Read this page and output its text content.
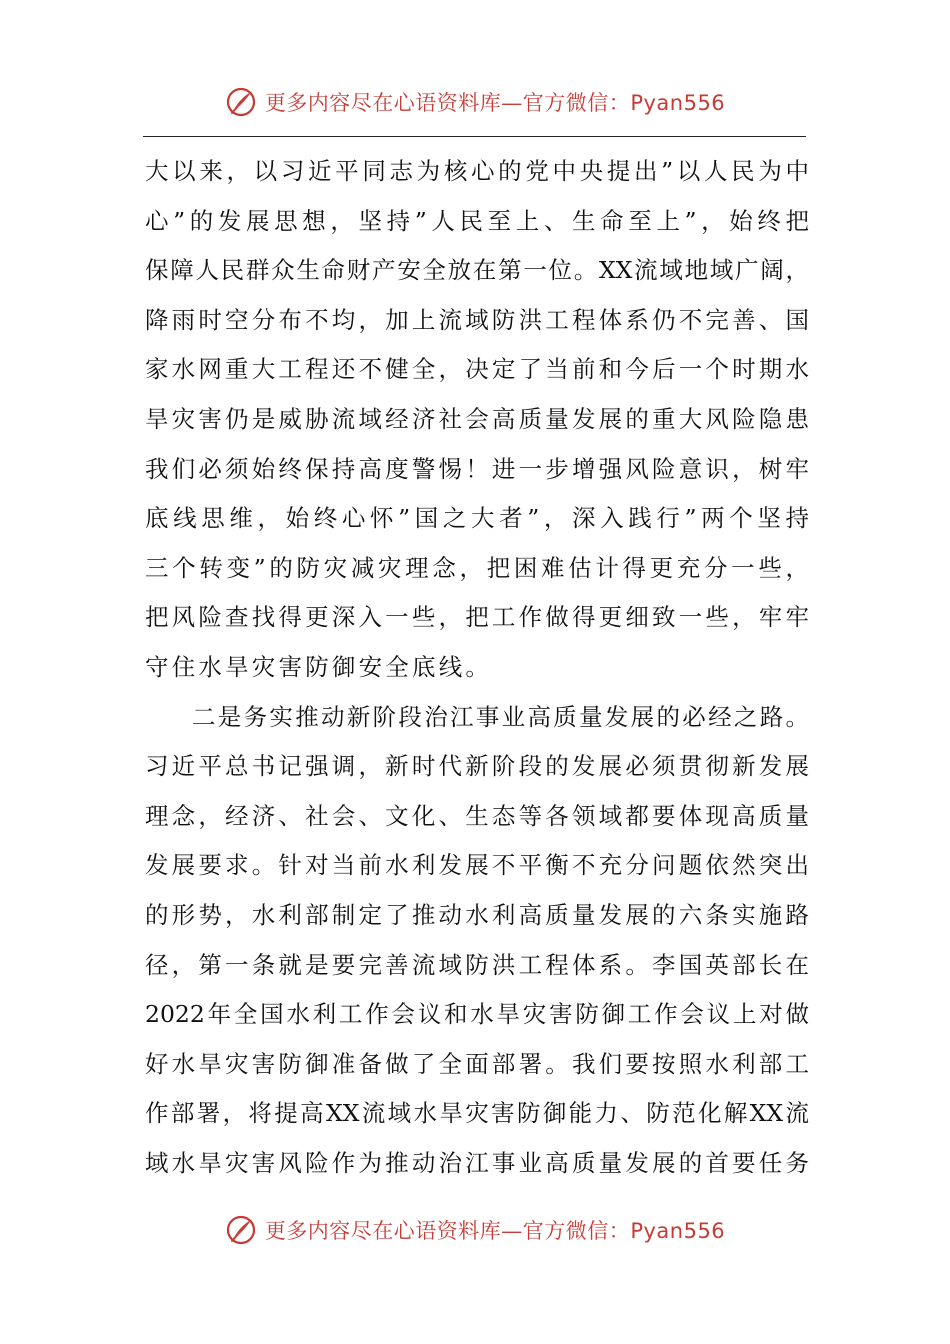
更多内容尽在心语资料库—官方微信：Pyan556
大以来，以习近平同志为核心的党中央提出”以人民为中
心”的发展思想，坚持”人民至上、生命至上”，始终把
保障人民群众生命财产安全放在第一位。XX流域地域广阔，
降雨时空分布不均，加上流域防洪工程体系仍不完善、国
家水网重大工程还不健全，决定了当前和今后一个时期水
旱灾害仍是威胁流域经济社会高质量发展的重大风险隐患
我们必须始终保持高度警惕！进一步增强风险意识，树牢
底线思维，始终心怀”国之大者”，深入践行”两个坚持
三个转变”的防灾减灾理念，把困难估计得更充分一些，
把风险查找得更深入一些，把工作做得更细致一些，牢牢
守住水旱灾害防御安全底线。
二是务实推动新阶段治江事业高质量发展的必经之路。
习近平总书记强调，新时代新阶段的发展必须贯彻新发展
理念，经济、社会、文化、生态等各领域都要体现高质量
发展要求。针对当前水利发展不平衡不充分问题依然突出
的形势，水利部制定了推动水利高质量发展的六条实施路
径，第一条就是要完善流域防洪工程体系。李国英部长在
2022年全国水利工作会议和水旱灾害防御工作会议上对做
好水旱灾害防御准备做了全面部署。我们要按照水利部工
作部署，将提高XX流域水旱灾害防御能力、防范化解XX流
域水旱灾害风险作为推动治江事业高质量发展的首要任务
更多内容尽在心语资料库—官方微信：Pyan556
